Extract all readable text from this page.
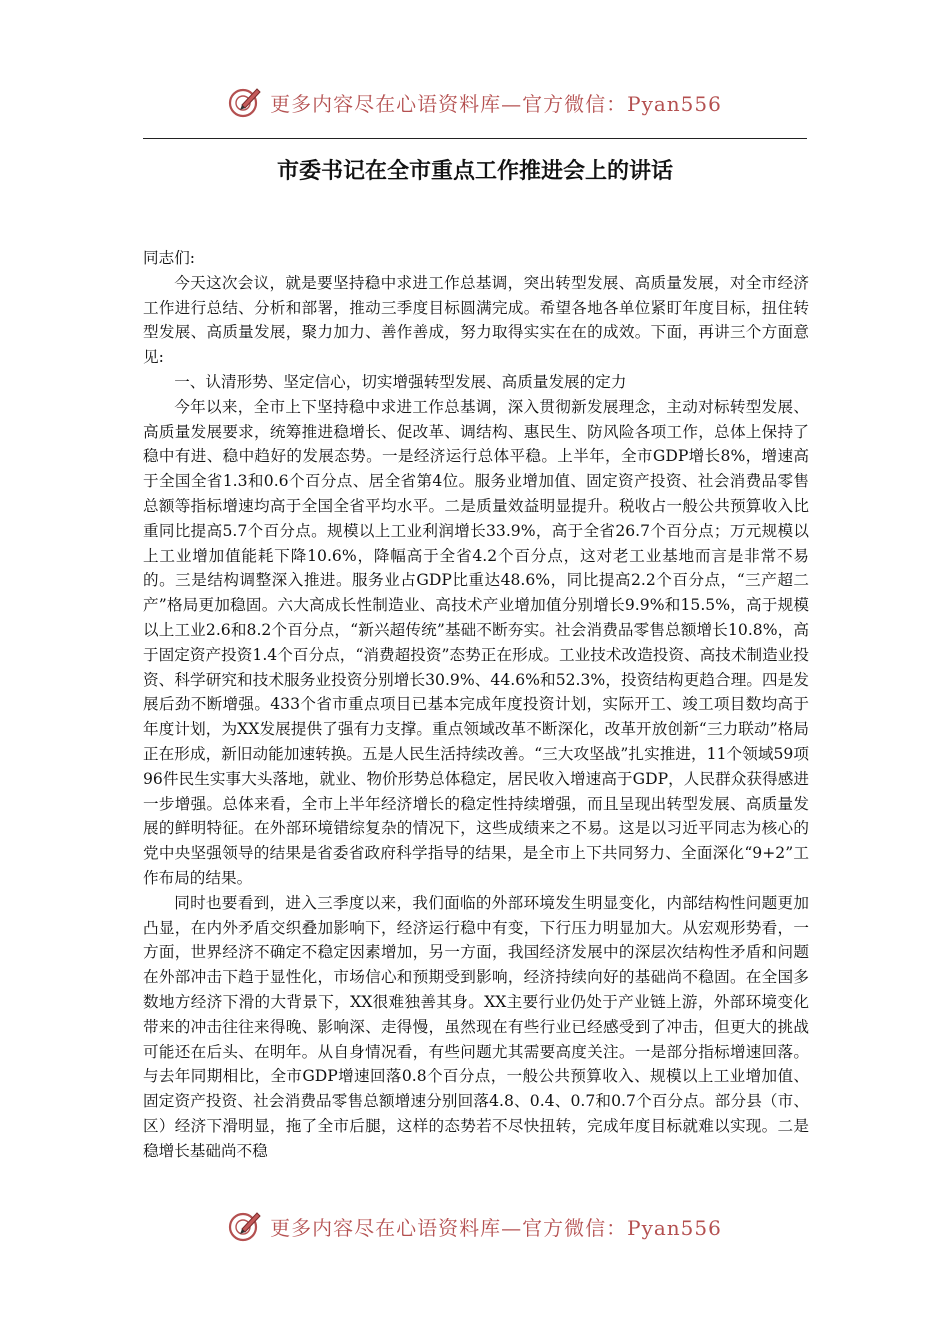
更多内容尽在心语资料库—官方微信：Pyan556
市委书记在全市重点工作推进会上的讲话

同志们:

今天这次会议，就是要坚持稳中求进工作总基调，突出转型发展、高质量发展，对全市经济工作进行总结、分析和部署，推动三季度目标圆满完成。希望各地各单位紧盯年度目标，扭住转型发展、高质量发展，聚力加力、善作善成，努力取得实实在在的成效。下面，再讲三个方面意见:

一、认清形势、坚定信心，切实增强转型发展、高质量发展的定力

今年以来，全市上下坚持稳中求进工作总基调，深入贯彻新发展理念，主动对标转型发展、高质量发展要求，统筹推进稳增长、促改革、调结构、惠民生、防风险各项工作，总体上保持了稳中有进、稳中趋好的发展态势。一是经济运行总体平稳。上半年，全市GDP增长8%，增速高于全国全省1.3和0.6个百分点、居全省第4位。服务业增加值、固定资产投资、社会消费品零售总额等指标增速均高于全国全省平均水平。二是质量效益明显提升。税收占一般公共预算收入比重同比提高5.7个百分点。规模以上工业利润增长33.9%，高于全省26.7个百分点；万元规模以上工业增加值能耗下降10.6%，降幅高于全省4.2个百分点，这对老工业基地而言是非常不易的。三是结构调整深入推进。服务业占GDP比重达48.6%，同比提高2.2个百分点，“三产超二产”格局更加稳固。六大高成长性制造业、高技术产业增加值分别增长9.9%和15.5%，高于规模以上工业2.6和8.2个百分点，“新兴超传统”基础不断夯实。社会消费品零售总额增长10.8%，高于固定资产投资1.4个百分点，“消费超投资”态势正在形成。工业技术改造投资、高技术制造业投资、科学研究和技术服务业投资分别增长30.9%、44.6%和52.3%，投资结构更趋合理。四是发展后劲不断增强。433个省市重点项目已基本完成年度投资计划，实际开工、竣工项目数均高于年度计划，为XX发展提供了强有力支撑。重点领域改革不断深化，改革开放创新“三力联动”格局正在形成，新旧动能加速转换。五是人民生活持续改善。“三大攻坚战”扎实推进，11个领域59项96件民生实事大头落地，就业、物价形势总体稳定，居民收入增速高于GDP，人民群众获得感进一步增强。总体来看，全市上半年经济增长的稳定性持续增强，而且呈现出转型发展、高质量发展的鲜明特征。在外部环境错综复杂的情况下，这些成绩来之不易。这是以习近平同志为核心的党中央坚强领导的结果是省委省政府科学指导的结果，是全市上下共同努力、全面深化“9+2”工作布局的结果。

同时也要看到，进入三季度以来，我们面临的外部环境发生明显变化，内部结构性问题更加凸显，在内外矛盾交织叠加影响下，经济运行稳中有变，下行压力明显加大。从宏观形势看，一方面，世界经济不确定不稳定因素增加，另一方面，我国经济发展中的深层次结构性矛盾和问题在外部冲击下趋于显性化，市场信心和预期受到影响，经济持续向好的基础尚不稳固。在全国多数地方经济下滑的大背景下，XX很难独善其身。XX主要行业仍处于产业链上游，外部环境变化带来的冲击往往来得晚、影响深、走得慢，虽然现在有些行业已经感受到了冲击，但更大的挑战可能还在后头、在明年。从自身情况看，有些问题尤其需要高度关注。一是部分指标增速回落。与去年同期相比，全市GDP增速回落0.8个百分点，一般公共预算收入、规模以上工业增加值、固定资产投资、社会消费品零售总额增速分别回落4.8、0.4、0.7和0.7个百分点。部分县（市、区）经济下滑明显，拖了全市后腿，这样的态势若不尽快扭转，完成年度目标就难以实现。二是稳增长基础尚不稳

更多内容尽在心语资料库—官方微信：Pyan556
